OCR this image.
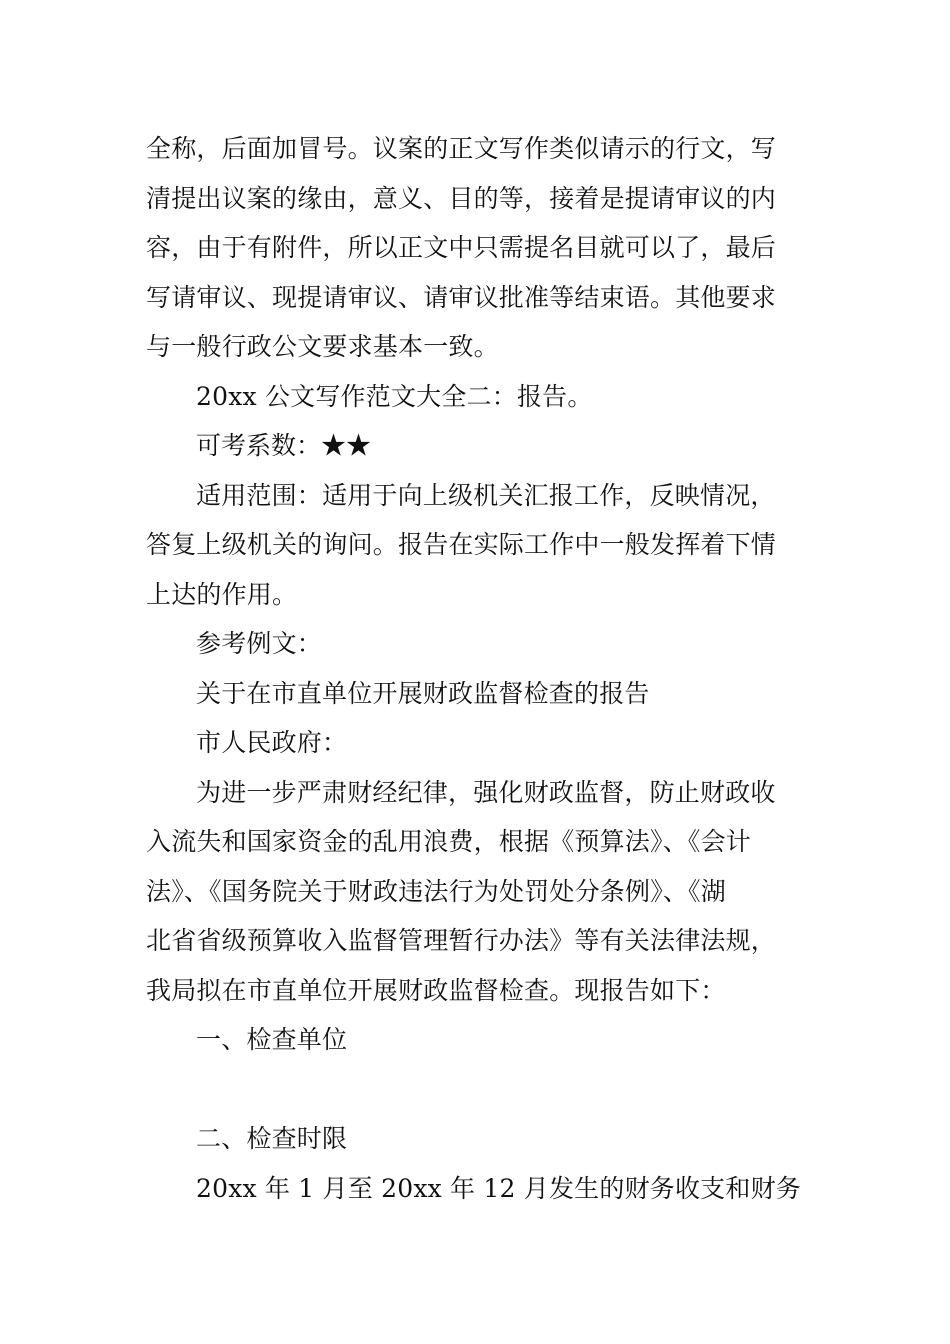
全称，后面加冒号。议案的正文写作类似请示的行文，写

清提出议案的缘由，意义、目的等，接着是提请审议的内

容，由于有附件，所以正文中只需提名目就可以了，最后

写请审议、现提请审议、请审议批准等结束语。其他要求

与一般行政公文要求基本一致。

20xx 公文写作范文大全二：报告。

可考系数：★★

适用范围：适用于向上级机关汇报工作，反映情况，

答复上级机关的询问。报告在实际工作中一般发挥着下情

上达的作用。

参考例文：

关于在市直单位开展财政监督检查的报告

市人民政府：

为进一步严肃财经纪律，强化财政监督，防止财政收

入流失和国家资金的乱用浪费，根据《预算法》、《会计

法》、《国务院关于财政违法行为处罚处分条例》、《湖

北省省级预算收入监督管理暂行办法》等有关法律法规，

我局拟在市直单位开展财政监督检查。现报告如下：

一、检查单位

二、检查时限

20xx 年 1 月至 20xx 年 12 月发生的财务收支和财务
